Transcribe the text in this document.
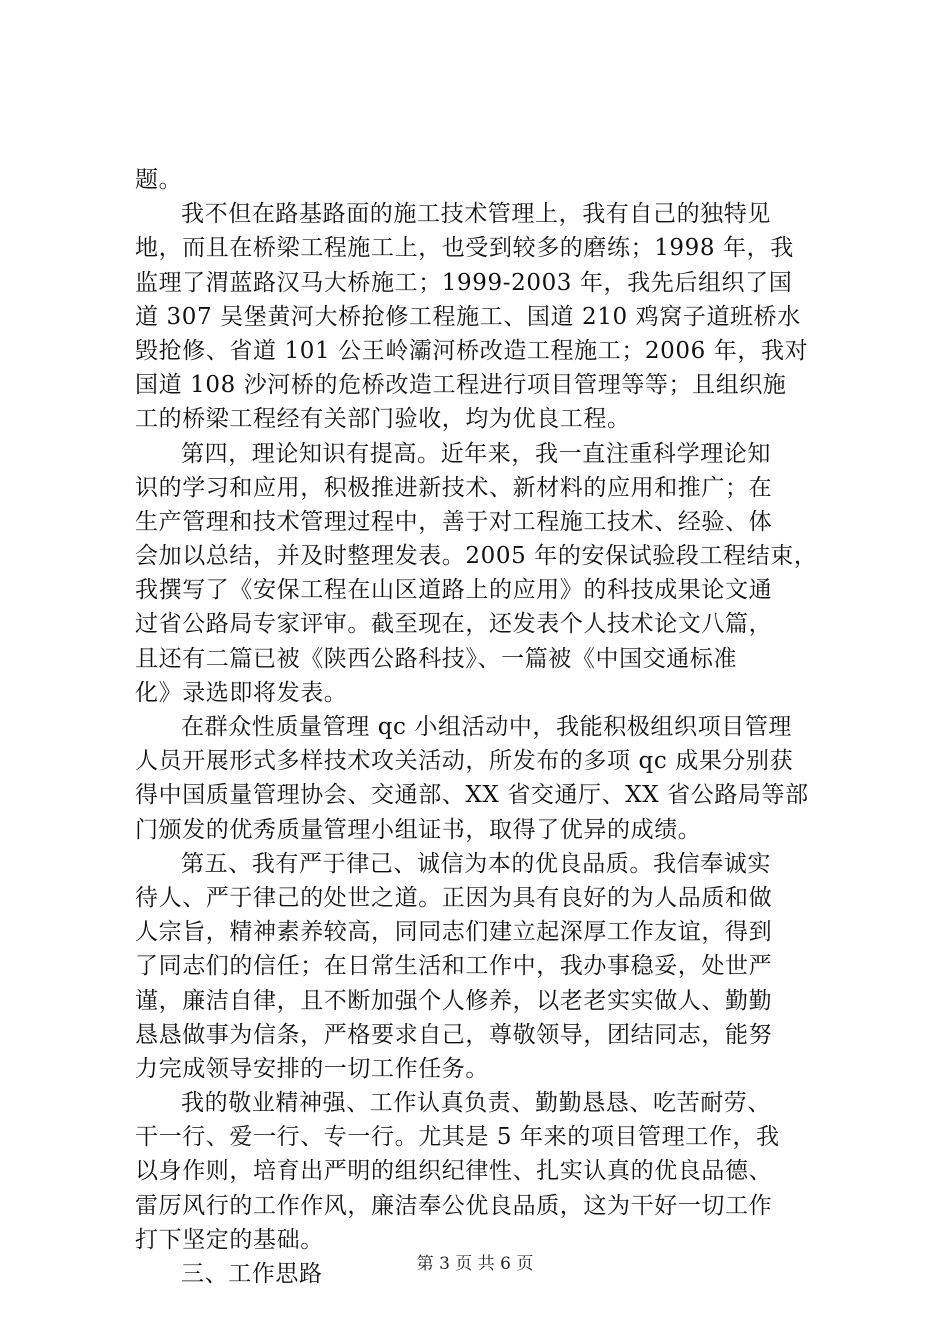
题。
我不但在路基路面的施工技术管理上，我有自己的独特见
地，而且在桥梁工程施工上，也受到较多的磨练；1998 年，我
监理了渭蓝路汉马大桥施工；1999-2003 年，我先后组织了国
道 307 吴堡黄河大桥抢修工程施工、国道 210 鸡窝子道班桥水
毁抢修、省道 101 公王岭灞河桥改造工程施工；2006 年，我对
国道 108 沙河桥的危桥改造工程进行项目管理等等；且组织施
工的桥梁工程经有关部门验收，均为优良工程。
第四，理论知识有提高。近年来，我一直注重科学理论知
识的学习和应用，积极推进新技术、新材料的应用和推广；在
生产管理和技术管理过程中，善于对工程施工技术、经验、体
会加以总结，并及时整理发表。2005 年的安保试验段工程结束，
我撰写了《安保工程在山区道路上的应用》的科技成果论文通
过省公路局专家评审。截至现在，还发表个人技术论文八篇，
且还有二篇已被《陕西公路科技》、一篇被《中国交通标准
化》录选即将发表。
在群众性质量管理 qc 小组活动中，我能积极组织项目管理
人员开展形式多样技术攻关活动，所发布的多项 qc 成果分别获
得中国质量管理协会、交通部、XX 省交通厅、XX 省公路局等部
门颁发的优秀质量管理小组证书，取得了优异的成绩。
第五、我有严于律己、诚信为本的优良品质。我信奉诚实
待人、严于律己的处世之道。正因为具有良好的为人品质和做
人宗旨，精神素养较高，同同志们建立起深厚工作友谊，得到
了同志们的信任；在日常生活和工作中，我办事稳妥，处世严
谨，廉洁自律，且不断加强个人修养，以老老实实做人、勤勤
恳恳做事为信条，严格要求自己，尊敬领导，团结同志，能努
力完成领导安排的一切工作任务。
我的敬业精神强、工作认真负责、勤勤恳恳、吃苦耐劳、
干一行、爱一行、专一行。尤其是 5 年来的项目管理工作，我
以身作则，培育出严明的组织纪律性、扎实认真的优良品德、
雷厉风行的工作作风，廉洁奉公优良品质，这为干好一切工作
打下坚定的基础。
三、工作思路	第 3 页 共 6 页
